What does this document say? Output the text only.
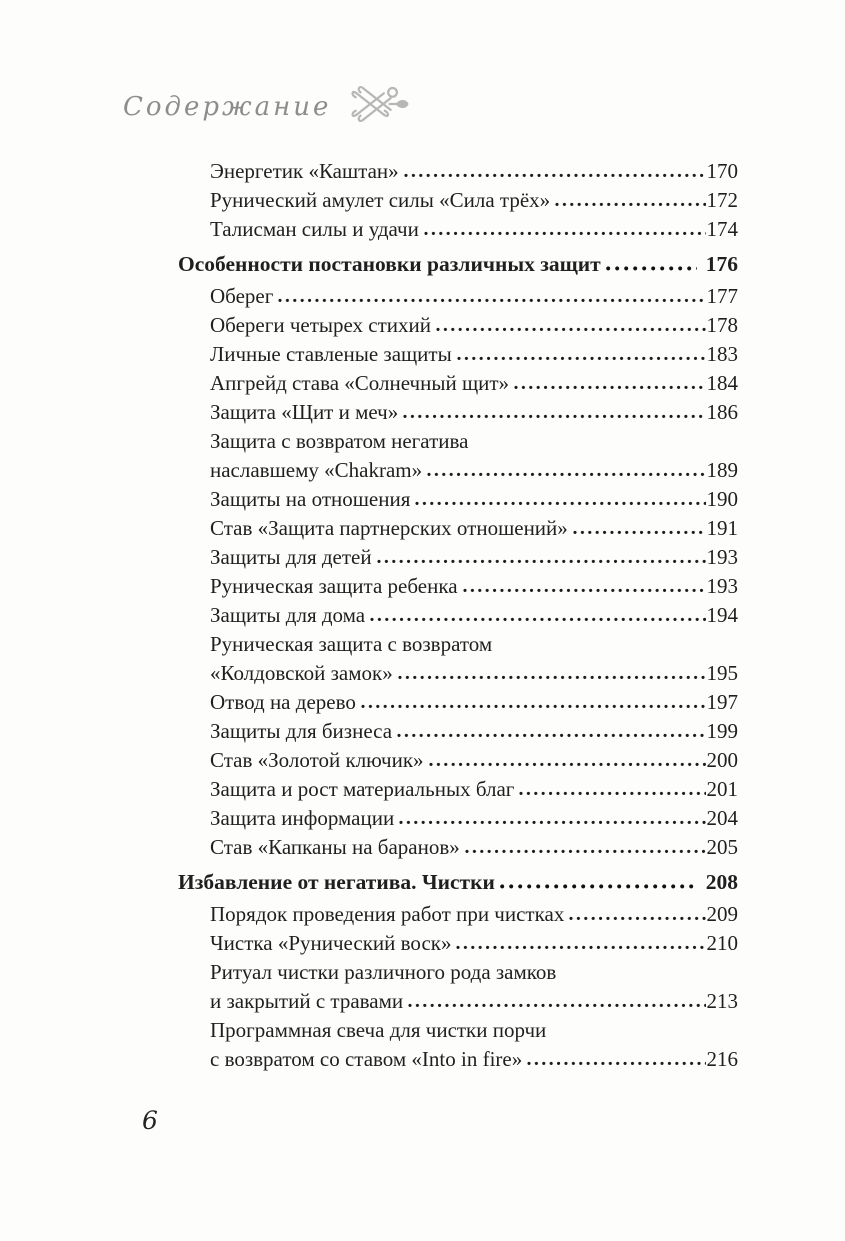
Содержание
Энергетик «Каштан»	170
Рунический амулет силы «Сила трёх»	172
Талисман силы и удачи	174
Особенности постановки различных защит	176
Оберег	177
Обереги четырех стихий	178
Личные ставленые защиты	183
Апгрейд става «Солнечный щит»	184
Защита «Щит и меч»	186
Защита с возвратом негатива
наславшему «Chakram»	189
Защиты на отношения	190
Став «Защита партнерских отношений»	191
Защиты для детей	193
Руническая защита ребенка	193
Защиты для дома	194
Руническая защита с возвратом
«Колдовской замок»	195
Отвод на дерево	197
Защиты для бизнеса	199
Став «Золотой ключик»	200
Защита и рост материальных благ	201
Защита информации	204
Став «Капканы на баранов»	205
Избавление от негатива. Чистки	208
Порядок проведения работ при чистках	209
Чистка «Рунический воск»	210
Ритуал чистки различного рода замков
и закрытий с травами	213
Программная свеча для чистки порчи
с возвратом со ставом «Into in fire»	216
6
